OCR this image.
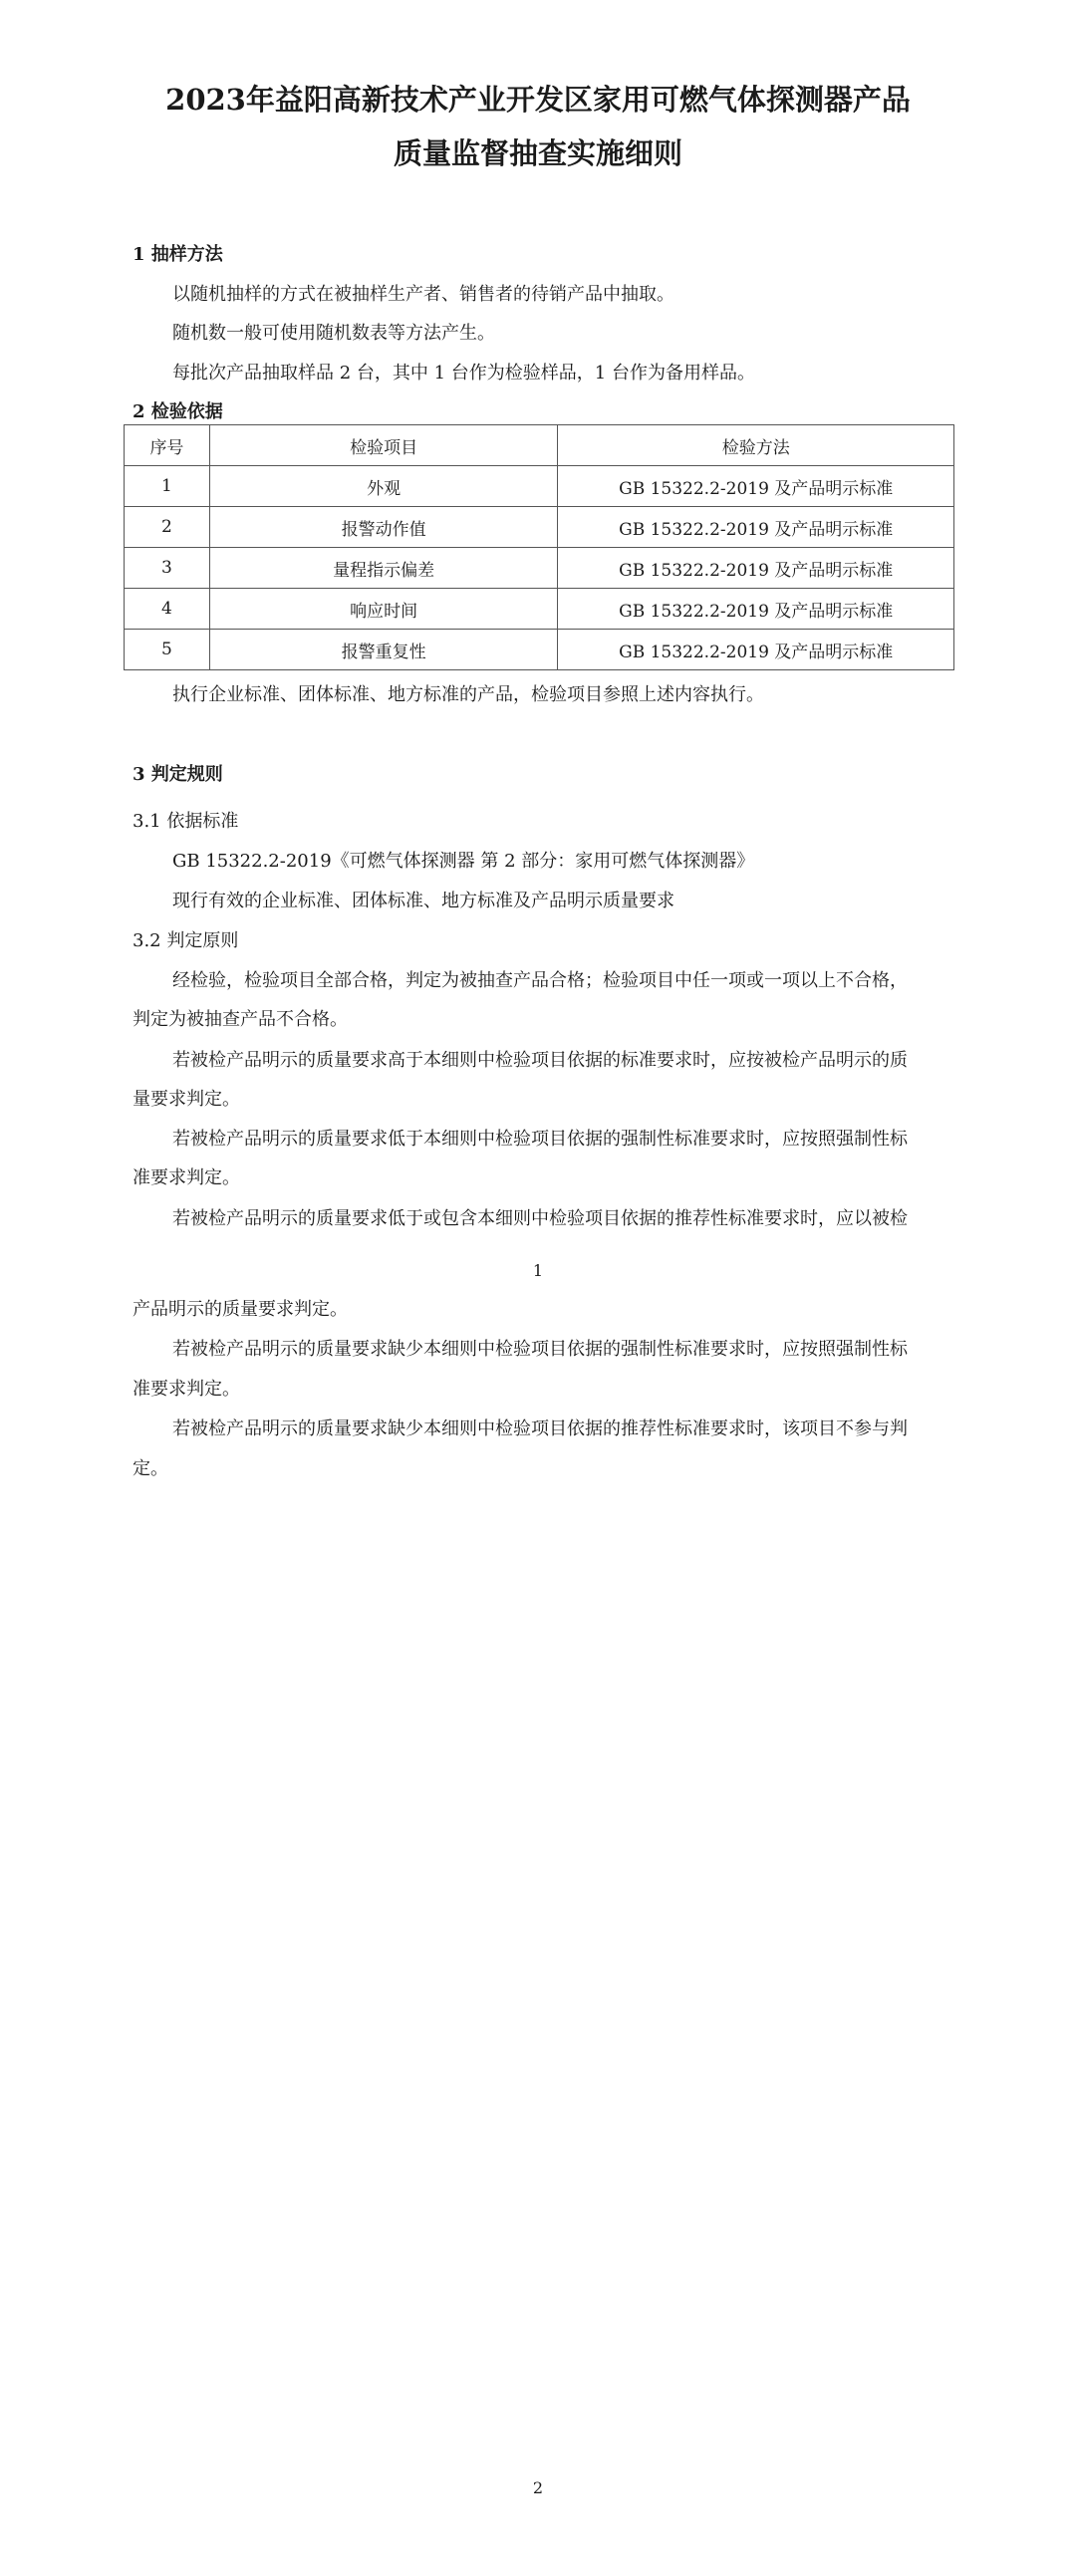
2023年益阳高新技术产业开发区家用可燃气体探测器产品
质量监督抽查实施细则
1 抽样方法
以随机抽样的方式在被抽样生产者、销售者的待销产品中抽取。
随机数一般可使用随机数表等方法产生。
每批次产品抽取样品 2 台，其中 1 台作为检验样品，1 台作为备用样品。
2 检验依据
序号	检验项目	检验方法
1	外观	GB 15322.2-2019 及产品明示标准
2	报警动作值	GB 15322.2-2019 及产品明示标准
3	量程指示偏差	GB 15322.2-2019 及产品明示标准
4	响应时间	GB 15322.2-2019 及产品明示标准
5	报警重复性	GB 15322.2-2019 及产品明示标准
执行企业标准、团体标准、地方标准的产品，检验项目参照上述内容执行。
3 判定规则
3.1 依据标准
GB 15322.2-2019《可燃气体探测器 第 2 部分：家用可燃气体探测器》
现行有效的企业标准、团体标准、地方标准及产品明示质量要求
3.2 判定原则
经检验，检验项目全部合格，判定为被抽查产品合格；检验项目中任一项或一项以上不合格，
判定为被抽查产品不合格。
若被检产品明示的质量要求高于本细则中检验项目依据的标准要求时，应按被检产品明示的质
量要求判定。
若被检产品明示的质量要求低于本细则中检验项目依据的强制性标准要求时，应按照强制性标
准要求判定。
若被检产品明示的质量要求低于或包含本细则中检验项目依据的推荐性标准要求时，应以被检
1
产品明示的质量要求判定。
若被检产品明示的质量要求缺少本细则中检验项目依据的强制性标准要求时，应按照强制性标
准要求判定。
若被检产品明示的质量要求缺少本细则中检验项目依据的推荐性标准要求时，该项目不参与判
定。
2
